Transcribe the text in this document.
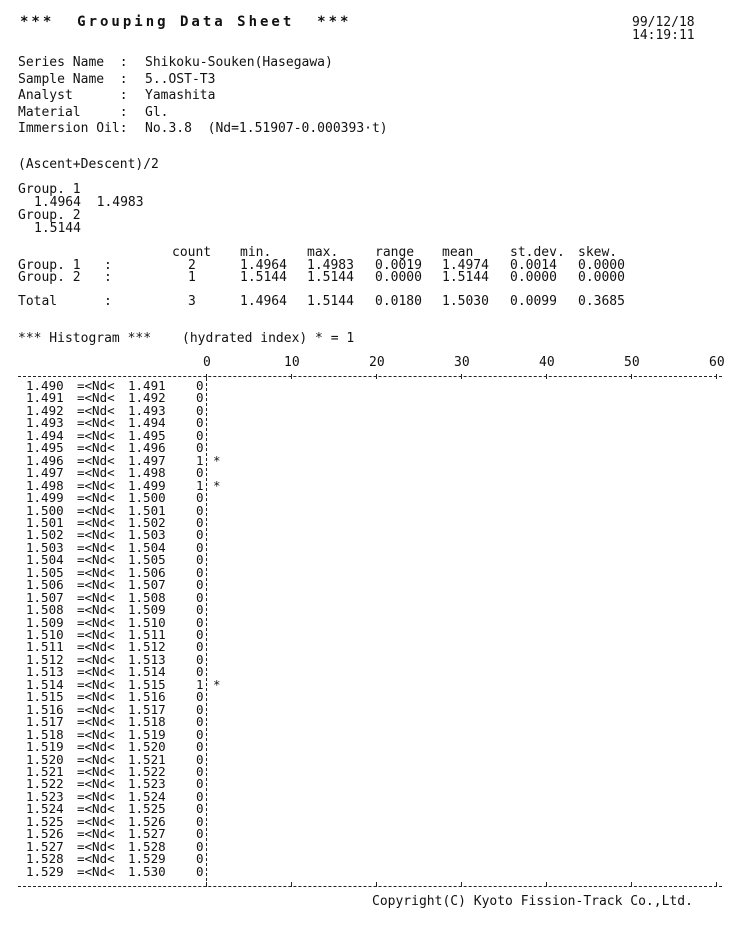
***  Grouping Data Sheet  ***	99/12/18
14:19:11
Series Name  : Shikoku-Souken(Hasegawa)
Sample Name  : 5..OST-T3
Analyst      : Yamashita
Material     : Gl.
Immersion Oil: No.3.8  (Nd=1.51907-0.000393·t)
(Ascent+Descent)/2
Group. 1
1.4964  1.4983
Group. 2
1.5144
count min.	max.	range mean	st.dev. skew.
Group. 1 :	2	1.4964 1.4983 0.0019 1.4974 0.0014 0.0000
Group. 2 :	1	1.5144 1.5144 0.0000 1.5144 0.0000 0.0000
Total	:	3	1.4964 1.5144 0.0180 1.5030 0.0099 0.3685
*** Histogram *** (hydrated index) * = 1
0	10	20	30	40	50	60
1.490 =<Nd< 1.491 0
1.491 =<Nd< 1.492 0
1.492 =<Nd< 1.493 0
1.493 =<Nd< 1.494 0
1.494 =<Nd< 1.495 0
1.495 =<Nd< 1.496 0
1.496 =<Nd< 1.497 1 *
1.497 =<Nd< 1.498 0
1.498 =<Nd< 1.499 1 *
1.499 =<Nd< 1.500 0
1.500 =<Nd< 1.501 0
1.501 =<Nd< 1.502 0
1.502 =<Nd< 1.503 0
1.503 =<Nd< 1.504 0
1.504 =<Nd< 1.505 0
1.505 =<Nd< 1.506 0
1.506 =<Nd< 1.507 0
1.507 =<Nd< 1.508 0
1.508 =<Nd< 1.509 0
1.509 =<Nd< 1.510 0
1.510 =<Nd< 1.511 0
1.511 =<Nd< 1.512 0
1.512 =<Nd< 1.513 0
1.513 =<Nd< 1.514 0
1.514 =<Nd< 1.515 1 *
1.515 =<Nd< 1.516 0
1.516 =<Nd< 1.517 0
1.517 =<Nd< 1.518 0
1.518 =<Nd< 1.519 0
1.519 =<Nd< 1.520 0
1.520 =<Nd< 1.521 0
1.521 =<Nd< 1.522 0
1.522 =<Nd< 1.523 0
1.523 =<Nd< 1.524 0
1.524 =<Nd< 1.525 0
1.525 =<Nd< 1.526 0
1.526 =<Nd< 1.527 0
1.527 =<Nd< 1.528 0
1.528 =<Nd< 1.529 0
1.529 =<Nd< 1.530 0
Copyright(C) Kyoto Fission-Track Co.,Ltd.
